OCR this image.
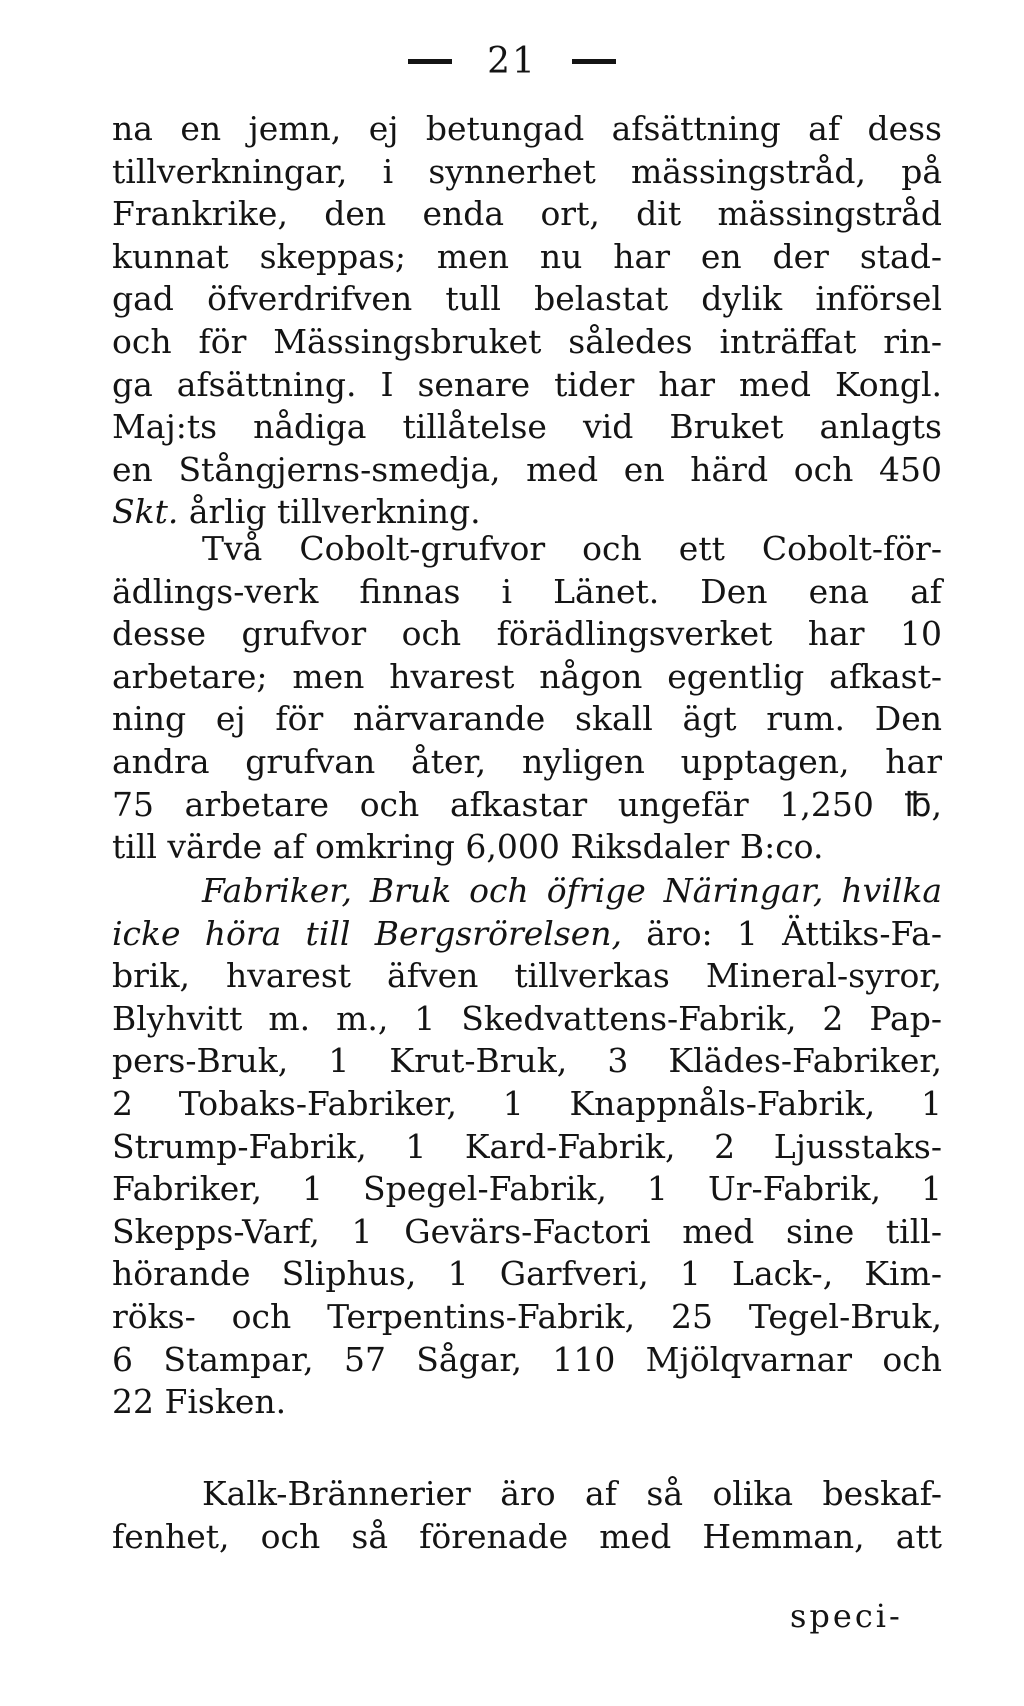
21
na en jemn, ej betungad afsättning af dess
tillverkningar, i synnerhet mässingstråd, på
Frankrike, den enda ort, dit mässingstråd
kunnat skeppas; men nu har en der stad-
gad öfverdrifven tull belastat dylik införsel
och för Mässingsbruket således inträffat rin-
ga afsättning. I senare tider har med Kongl.
Maj:ts nådiga tillåtelse vid Bruket anlagts
en Stångjerns-smedja, med en härd och 450
Skt. årlig tillverkning.
Två Cobolt-grufvor och ett Cobolt-för-
ädlings-verk finnas i Länet. Den ena af
desse grufvor och förädlingsverket har 10
arbetare; men hvarest någon egentlig afkast-
ning ej för närvarande skall ägt rum. Den
andra grufvan åter, nyligen upptagen, har
75 arbetare och afkastar ungefär 1,250 ℔,
till värde af omkring 6,000 Riksdaler B:co.
Fabriker, Bruk och öfrige Näringar, hvilka
icke höra till Bergsrörelsen, äro: 1 Ättiks-Fa-
brik, hvarest äfven tillverkas Mineral-syror,
Blyhvitt m. m., 1 Skedvattens-Fabrik, 2 Pap-
pers-Bruk, 1 Krut-Bruk, 3 Klädes-Fabriker,
2 Tobaks-Fabriker, 1 Knappnåls-Fabrik, 1
Strump-Fabrik, 1 Kard-Fabrik, 2 Ljusstaks-
Fabriker, 1 Spegel-Fabrik, 1 Ur-Fabrik, 1
Skepps-Varf, 1 Gevärs-Factori med sine till-
hörande Sliphus, 1 Garfveri, 1 Lack-, Kim-
röks- och Terpentins-Fabrik, 25 Tegel-Bruk,
6 Stampar, 57 Sågar, 110 Mjölqvarnar och
22 Fisken.
Kalk-Brännerier äro af så olika beskaf-
fenhet, och så förenade med Hemman, att
speci-
